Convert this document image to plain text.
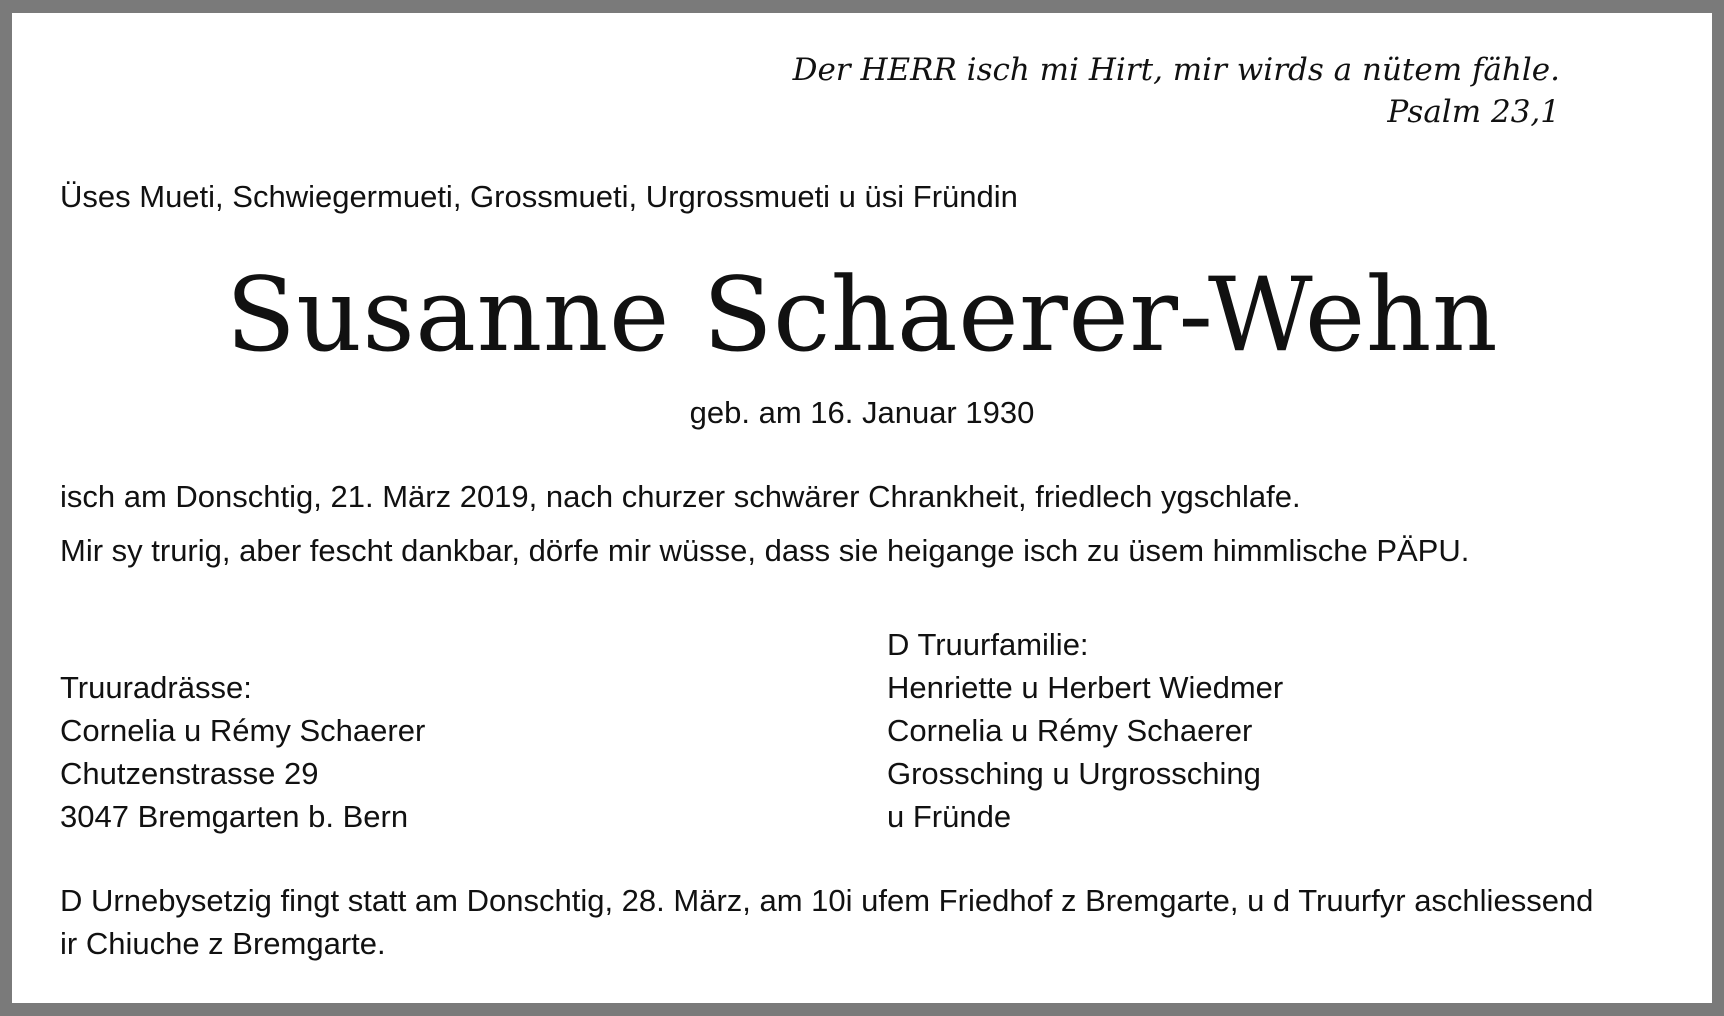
Der HERR isch mi Hirt, mir wirds a nütem fähle.
Psalm 23,1
Üses Mueti, Schwiegermueti, Grossmueti, Urgrossmueti u üsi Fründin
Susanne Schaerer-Wehn
geb. am 16. Januar 1930
isch am Donschtig, 21. März 2019, nach churzer schwärer Chrankheit, friedlech ygschlafe.
Mir sy trurig, aber fescht dankbar, dörfe mir wüsse, dass sie heigange isch zu üsem himmlische PÄPU.
Truuradrässe:
Cornelia u Rémy Schaerer
Chutzenstrasse 29
3047 Bremgarten b. Bern
D Truurfamilie:
Henriette u Herbert Wiedmer
Cornelia u Rémy Schaerer
Grossching u Urgrossching
u Fründe
D Urnebysetzig fingt statt am Donschtig, 28. März, am 10i ufem Friedhof z Bremgarte, u d Truurfyr aschliessend
ir Chiuche z Bremgarte.
